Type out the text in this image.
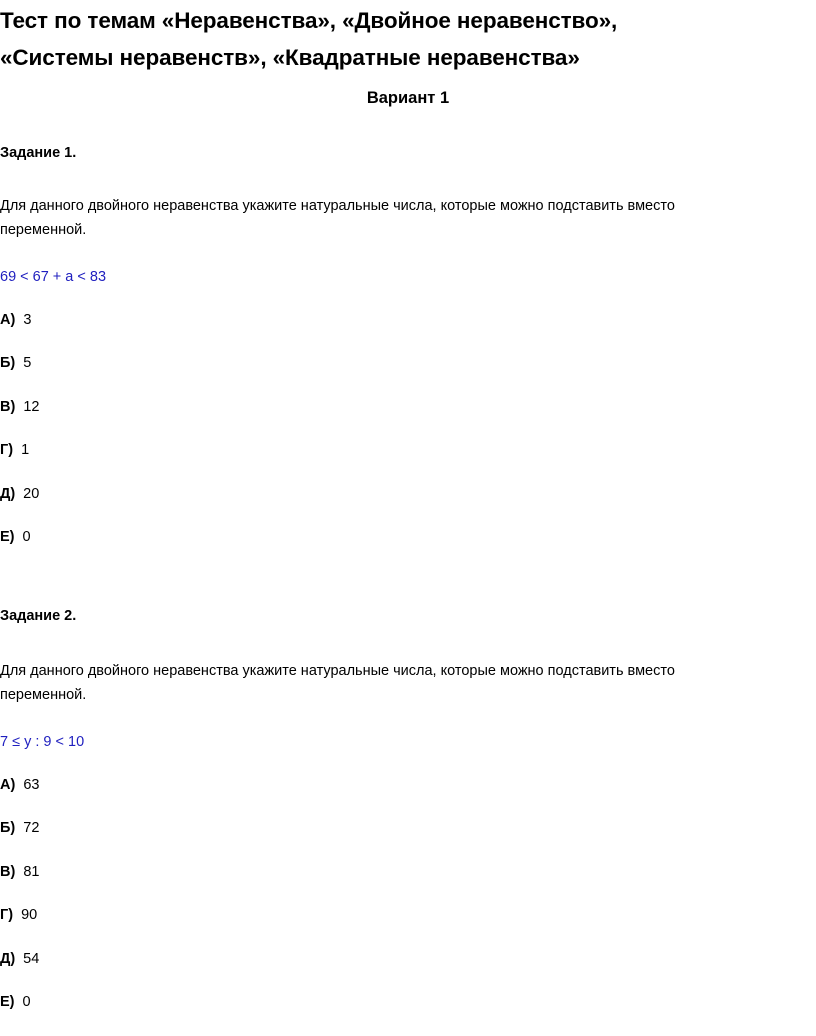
Тест по темам «Неравенства», «Двойное неравенство»,
«Системы неравенств», «Квадратные неравенства»
Вариант 1
Задание 1.
Для данного двойного неравенства укажите натуральные числа, которые можно подставить вместо
переменной.
69 < 67 + a < 83
А) 3
Б) 5
В) 12
Г) 1
Д) 20
Е) 0
Задание 2.
Для данного двойного неравенства укажите натуральные числа, которые можно подставить вместо
переменной.
7 ≤ y : 9 < 10
А) 63
Б) 72
В) 81
Г) 90
Д) 54
Е) 0
